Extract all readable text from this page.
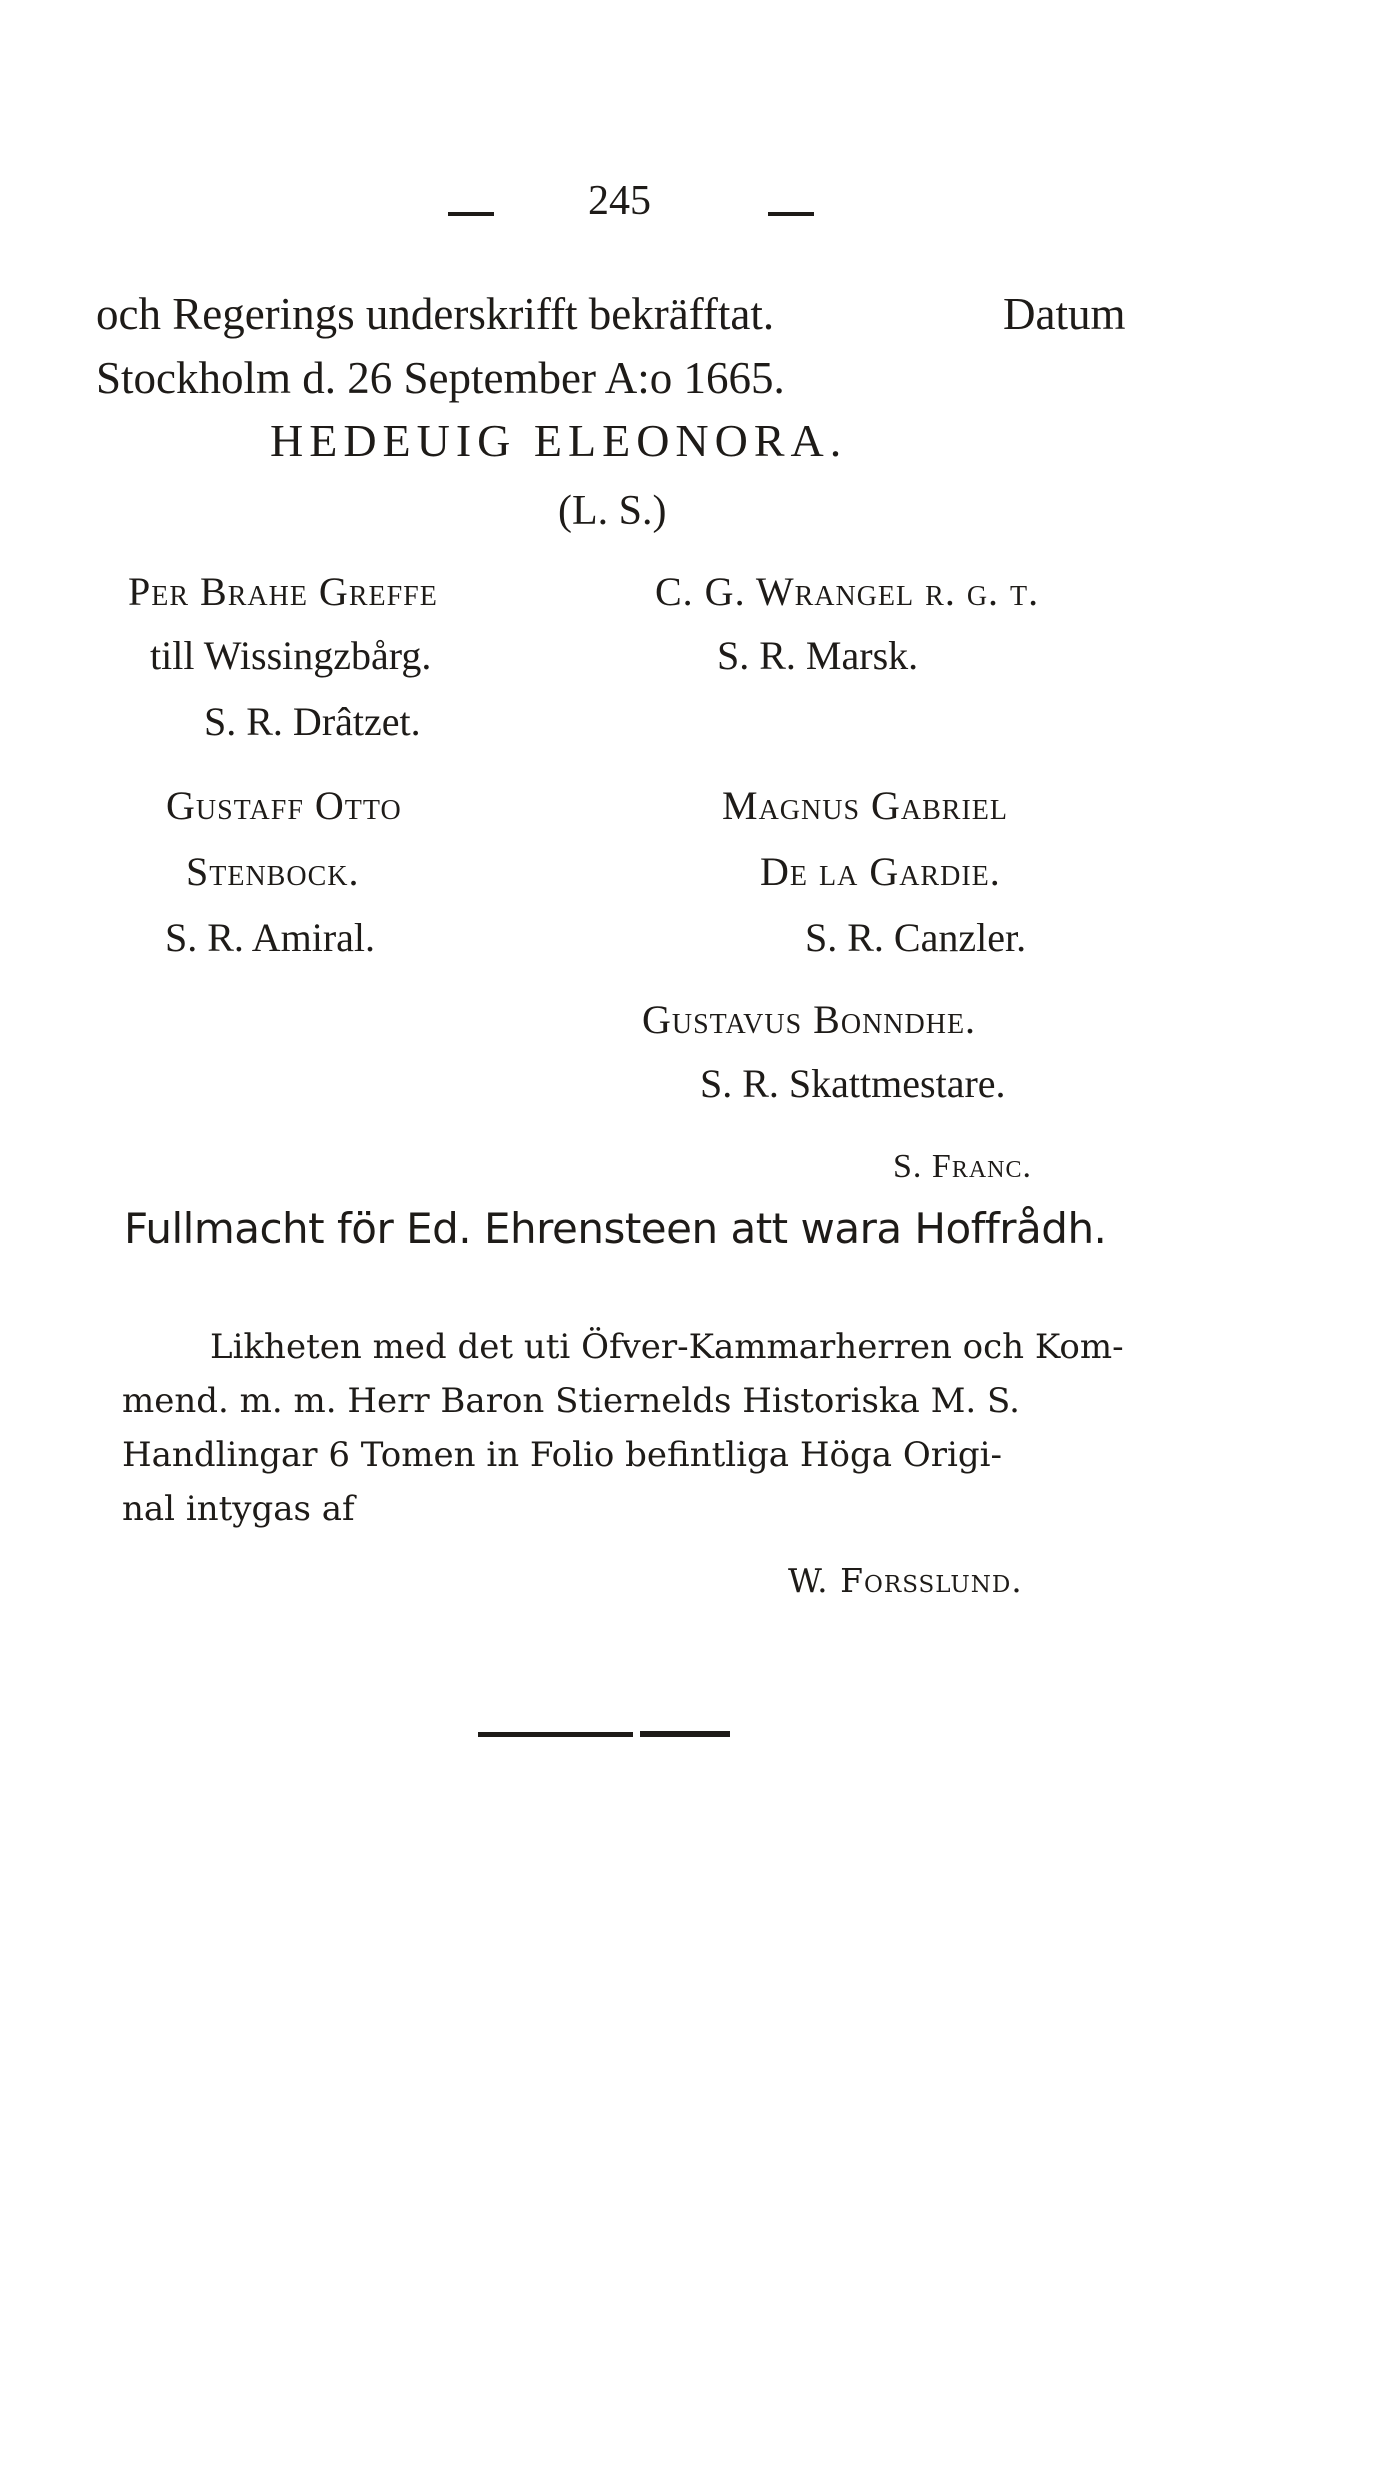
245
och Regerings underskrifft bekräfftat.	Datum
Stockholm d. 26 September A:o 1665.
HEDEUIG ELEONORA.
(L. S.)
Per Brahe Greffe
till Wissingzbårg.
S. R. Drâtzet.
Gustaff Otto
Stenbock.
S. R. Amiral.
C. G. Wrangel r. g. t.
S. R. Marsk.
Magnus Gabriel
De la Gardie.
S. R. Canzler.
Gustavus Bonndhe.
S. R. Skattmestare.
S. Franc.
Fullmacht för Ed. Ehrensteen att wara Hoffrådh.
Likheten med det uti Öfver-Kammarherren och Kom-
mend. m. m. Herr Baron Stiernelds Historiska M. S.
Handlingar 6 Tomen in Folio befintliga Höga Origi-
nal intygas af
W. Forsslund.
